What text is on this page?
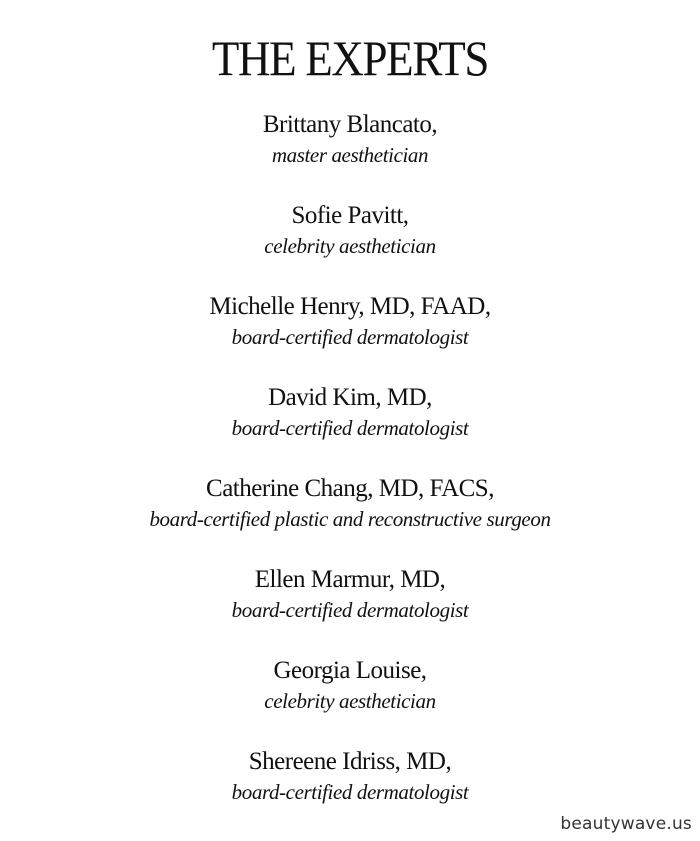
THE EXPERTS
Brittany Blancato,
master aesthetician
Sofie Pavitt,
celebrity aesthetician
Michelle Henry, MD, FAAD,
board-certified dermatologist
David Kim, MD,
board-certified dermatologist
Catherine Chang, MD, FACS,
board-certified plastic and reconstructive surgeon
Ellen Marmur, MD,
board-certified dermatologist
Georgia Louise,
celebrity aesthetician
Shereene Idriss, MD,
board-certified dermatologist
beautywave.us
